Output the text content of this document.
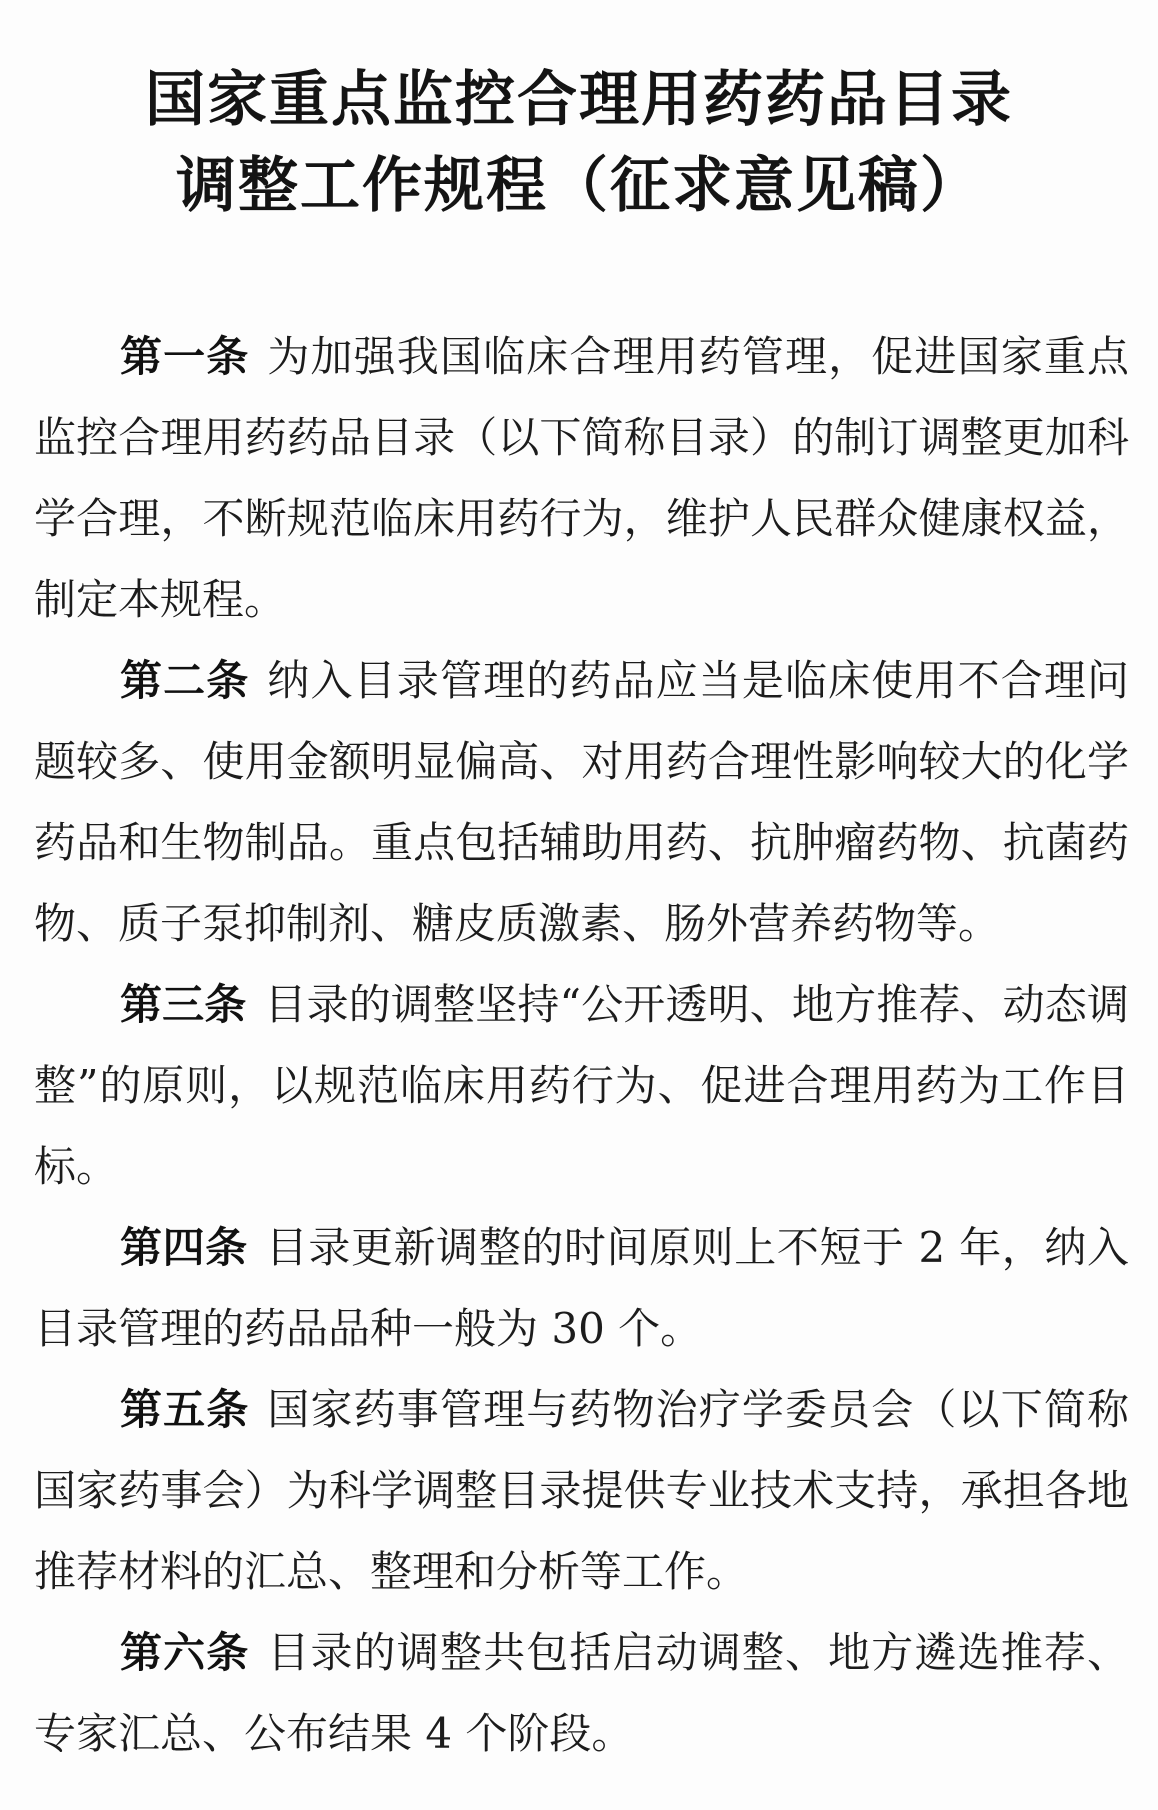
国家重点监控合理用药药品目录
调整工作规程（征求意见稿）

第一条 为加强我国临床合理用药管理，促进国家重点监控合理用药药品目录（以下简称目录）的制订调整更加科学合理，不断规范临床用药行为，维护人民群众健康权益，制定本规程。

第二条 纳入目录管理的药品应当是临床使用不合理问题较多、使用金额明显偏高、对用药合理性影响较大的化学药品和生物制品。重点包括辅助用药、抗肿瘤药物、抗菌药物、质子泵抑制剂、糖皮质激素、肠外营养药物等。

第三条 目录的调整坚持“公开透明、地方推荐、动态调整”的原则，以规范临床用药行为、促进合理用药为工作目标。

第四条 目录更新调整的时间原则上不短于 2 年，纳入目录管理的药品品种一般为 30 个。

第五条 国家药事管理与药物治疗学委员会（以下简称国家药事会）为科学调整目录提供专业技术支持，承担各地推荐材料的汇总、整理和分析等工作。

第六条 目录的调整共包括启动调整、地方遴选推荐、专家汇总、公布结果 4 个阶段。
